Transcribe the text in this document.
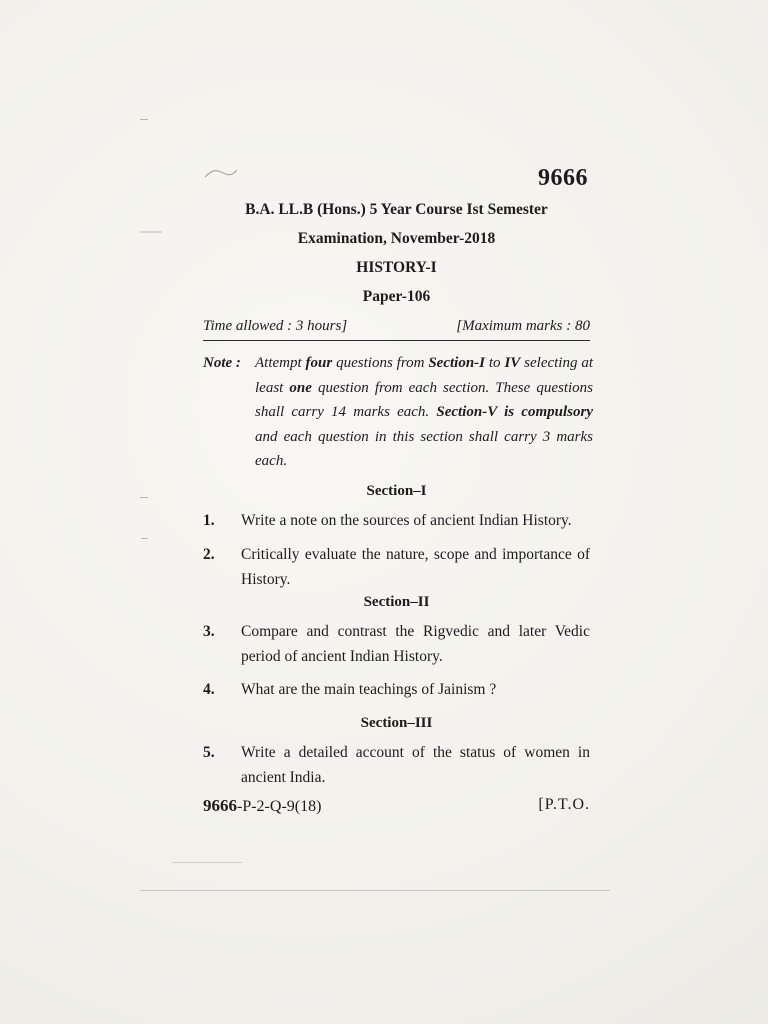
9666
B.A. LL.B (Hons.) 5 Year Course Ist Semester
Examination, November-2018
HISTORY-I
Paper-106
Time allowed : 3 hours]	[Maximum marks : 80
Note : Attempt four questions from Section-I to IV selecting at least one question from each section. These questions shall carry 14 marks each. Section-V is compulsory and each question in this section shall carry 3 marks each.
Section–I
1. Write a note on the sources of ancient Indian History.
2. Critically evaluate the nature, scope and importance of History.
Section–II
3. Compare and contrast the Rigvedic and later Vedic period of ancient Indian History.
4. What are the main teachings of Jainism ?
Section–III
5. Write a detailed account of the status of women in ancient India.
9666-P-2-Q-9(18)	[P.T.O.
